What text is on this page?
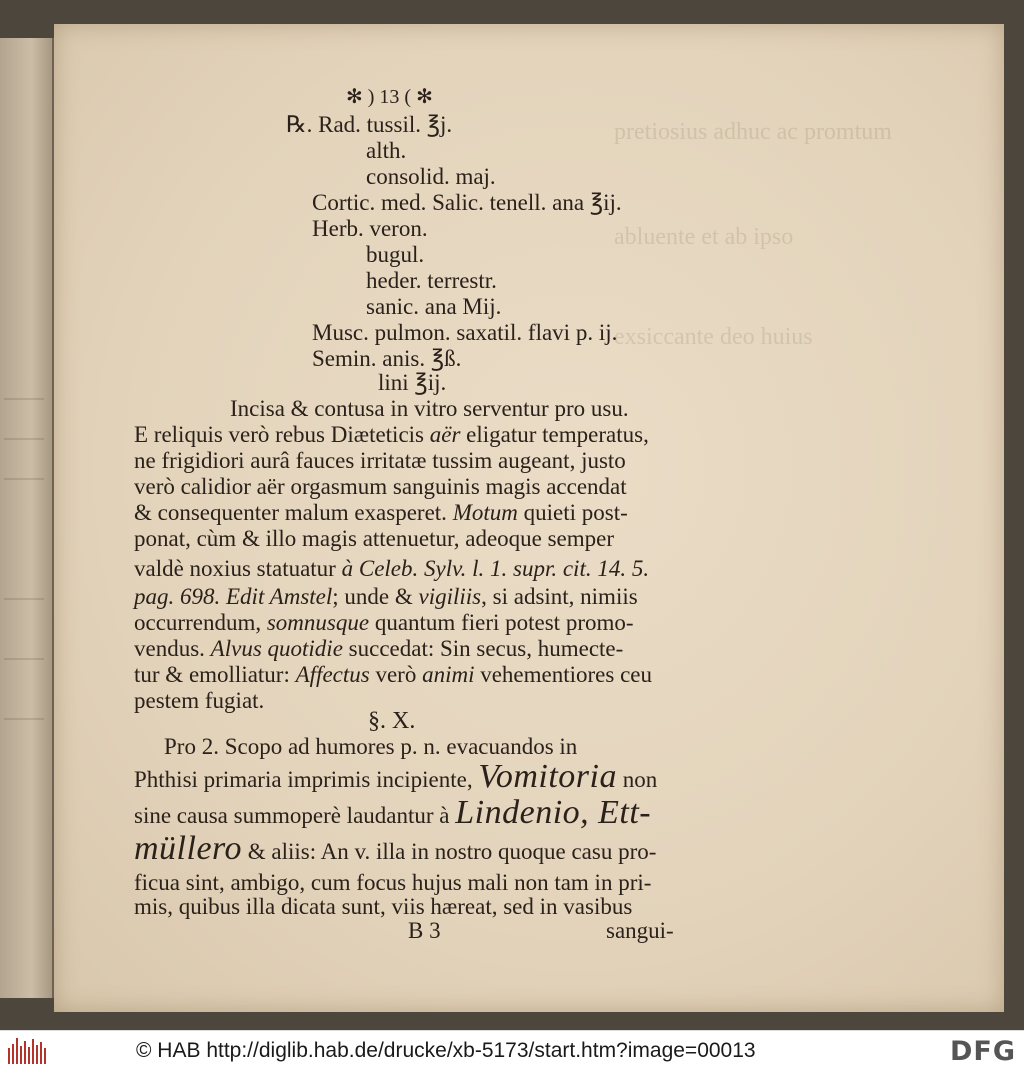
pretiosius adhuc ac promtum
abluente et ab ipso
exsiccante deo huius
✻ ) 13 ( ✻
℞. Rad. tussil. ℥j.
alth.
consolid. maj.
Cortic. med. Salic. tenell. ana ℥ij.
Herb. veron.
bugul.
heder. terrestr.
sanic. ana Mij.
Musc. pulmon. saxatil. flavi p. ij.
Semin. anis. ℥ß.
lini ℥ij.
Incisa & contusa in vitro serventur pro usu.
E reliquis verò rebus Diæteticis aër eligatur temperatus,
ne frigidiori aurâ fauces irritatæ tussim augeant, justo
verò calidior aër orgasmum sanguinis magis accendat
& consequenter malum exasperet. Motum quieti post-
ponat, cùm & illo magis attenuetur, adeoque semper
valdè noxius statuatur à Celeb. Sylv. l. 1. supr. cit. 14. 5.
pag. 698. Edit Amstel; unde & vigiliis, si adsint, nimiis
occurrendum, somnusque quantum fieri potest promo-
vendus. Alvus quotidie succedat: Sin secus, humecte-
tur & emolliatur: Affectus verò animi vehementiores ceu
pestem fugiat.
§. X.
Pro 2. Scopo ad humores p. n. evacuandos in
Phthisi primaria imprimis incipiente, Vomitoria non
sine causa summoperè laudantur à Lindenio, Ett-
müllero & aliis: An v. illa in nostro quoque casu pro-
ficua sint, ambigo, cum focus hujus mali non tam in pri-
mis, quibus illa dicata sunt, viis hæreat, sed in vasibus
B 3	sangui-
© HAB http://diglib.hab.de/drucke/xb-5173/start.htm?image=00013	DFG
